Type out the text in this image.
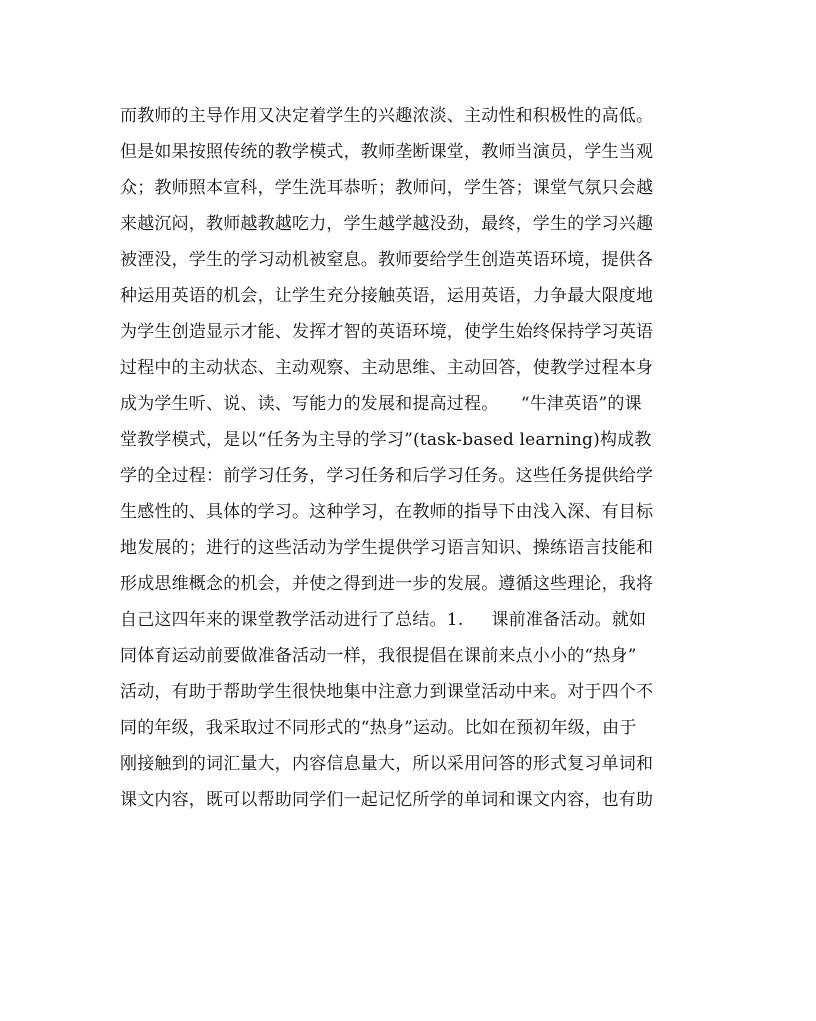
而教师的主导作用又决定着学生的兴趣浓淡、主动性和积极性的高低。
但是如果按照传统的教学模式，教师垄断课堂，教师当演员，学生当观
众；教师照本宣科，学生洗耳恭听；教师问，学生答；课堂气氛只会越
来越沉闷，教师越教越吃力，学生越学越没劲，最终，学生的学习兴趣
被湮没，学生的学习动机被窒息。教师要给学生创造英语环境，提供各
种运用英语的机会，让学生充分接触英语，运用英语，力争最大限度地
为学生创造显示才能、发挥才智的英语环境，使学生始终保持学习英语
过程中的主动状态、主动观察、主动思维、主动回答，使教学过程本身
成为学生听、说、读、写能力的发展和提高过程。    “牛津英语”的课
堂教学模式，是以“任务为主导的学习”(task-based learning)构成教
学的全过程：前学习任务，学习任务和后学习任务。这些任务提供给学
生感性的、具体的学习。这种学习，在教师的指导下由浅入深、有目标
地发展的；进行的这些活动为学生提供学习语言知识、操练语言技能和
形成思维概念的机会，并使之得到进一步的发展。遵循这些理论，我将
自己这四年来的课堂教学活动进行了总结。1.     课前准备活动。就如
同体育运动前要做准备活动一样，我很提倡在课前来点小小的“热身”
活动，有助于帮助学生很快地集中注意力到课堂活动中来。对于四个不
同的年级，我采取过不同形式的“热身”运动。比如在预初年级，由于
刚接触到的词汇量大，内容信息量大，所以采用问答的形式复习单词和
课文内容，既可以帮助同学们一起记忆所学的单词和课文内容，也有助
